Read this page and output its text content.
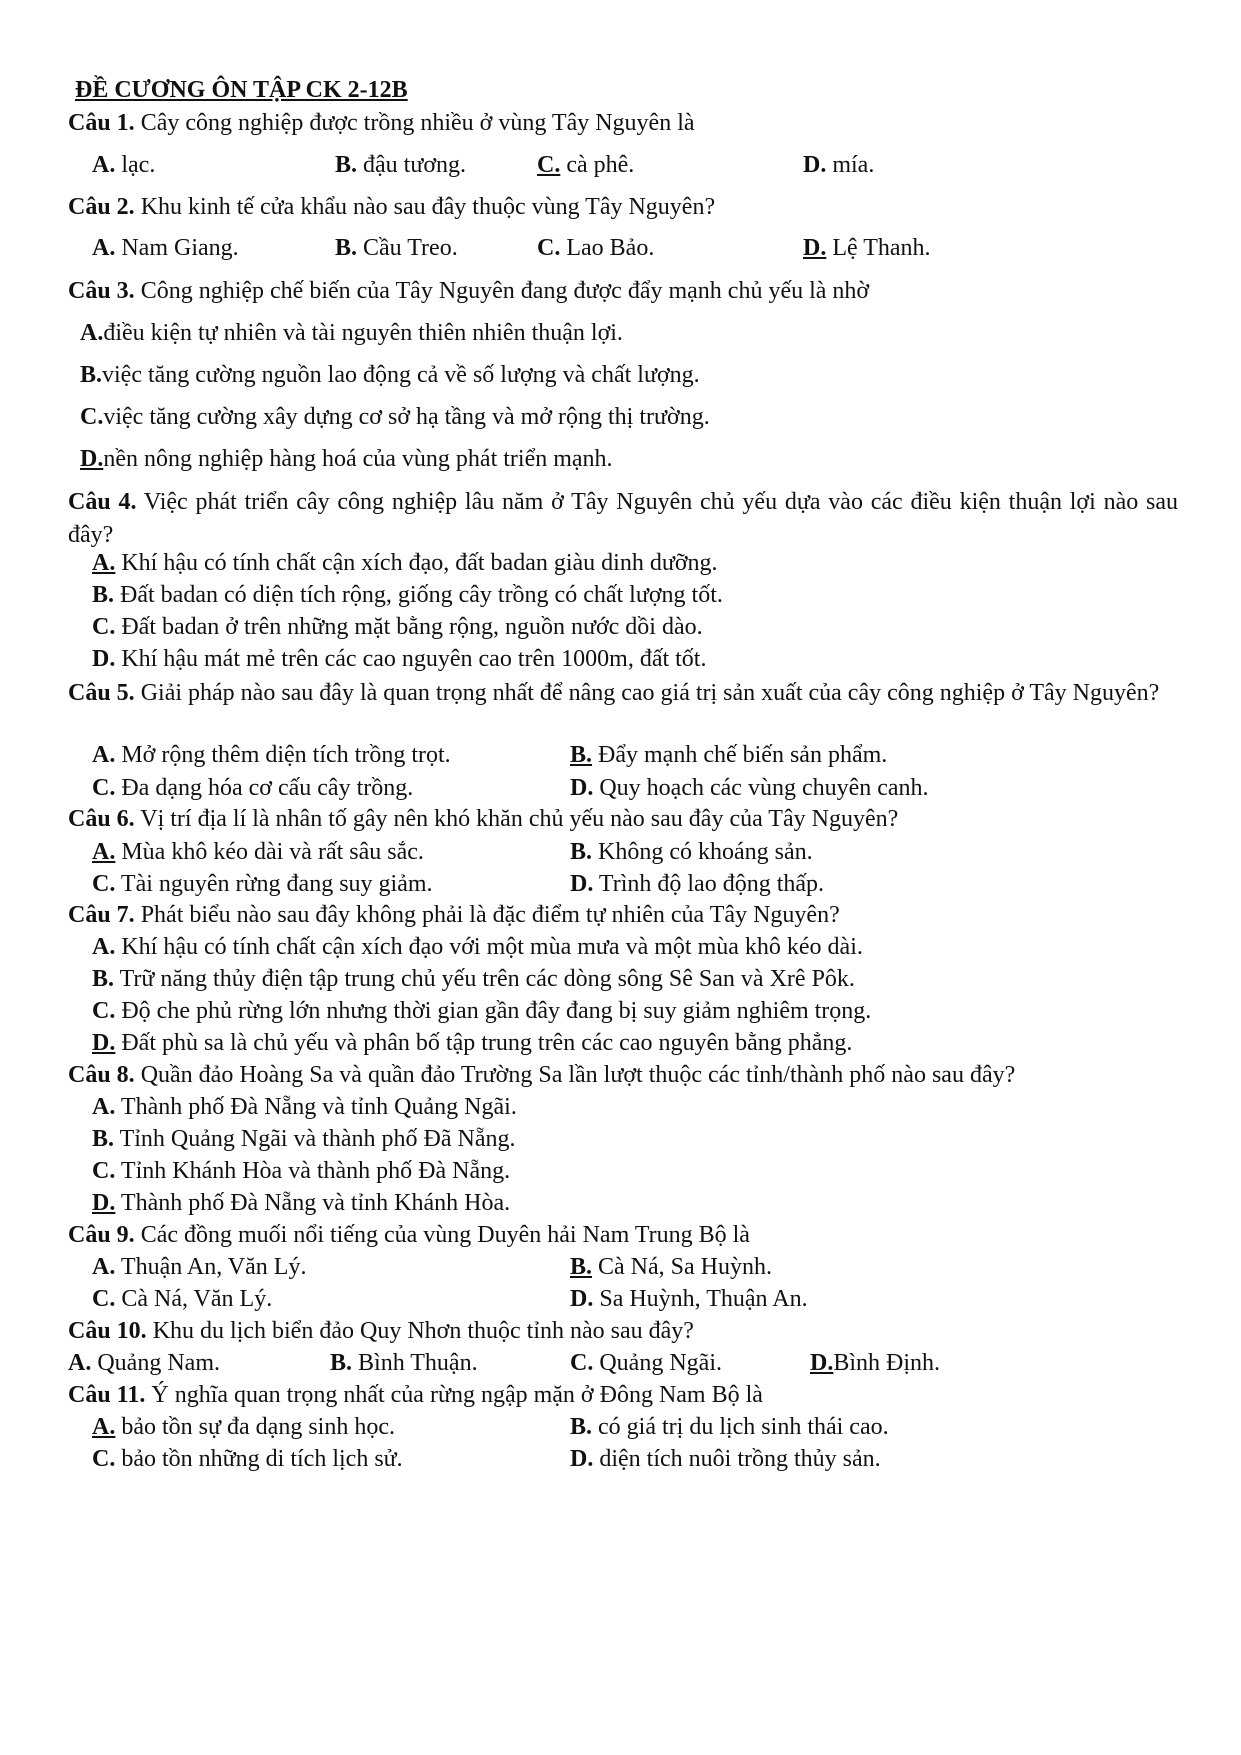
ĐỀ CƯƠNG ÔN TẬP CK 2-12B
Câu 1. Cây công nghiệp được trồng nhiều ở vùng Tây Nguyên là
A. lạc.	B. đậu tương.	C. cà phê.	D. mía.
Câu 2. Khu kinh tế cửa khẩu nào sau đây thuộc vùng Tây Nguyên?
A. Nam Giang.	B. Cầu Treo.	C. Lao Bảo.	D. Lệ Thanh.
Câu 3. Công nghiệp chế biến của Tây Nguyên đang được đẩy mạnh chủ yếu là nhờ
A.điều kiện tự nhiên và tài nguyên thiên nhiên thuận lợi.
B.việc tăng cường nguồn lao động cả về số lượng và chất lượng.
C.việc tăng cường xây dựng cơ sở hạ tầng và mở rộng thị trường.
D.nền nông nghiệp hàng hoá của vùng phát triển mạnh.
Câu 4. Việc phát triển cây công nghiệp lâu năm ở Tây Nguyên chủ yếu dựa vào các điều kiện thuận lợi nào sau đây?
A. Khí hậu có tính chất cận xích đạo, đất badan giàu dinh dưỡng.
B. Đất badan có diện tích rộng, giống cây trồng có chất lượng tốt.
C. Đất badan ở trên những mặt bằng rộng, nguồn nước dồi dào.
D. Khí hậu mát mẻ trên các cao nguyên cao trên 1000m, đất tốt.
Câu 5. Giải pháp nào sau đây là quan trọng nhất để nâng cao giá trị sản xuất của cây công nghiệp ở Tây Nguyên?
A. Mở rộng thêm diện tích trồng trọt.	B. Đẩy mạnh chế biến sản phẩm.
C. Đa dạng hóa cơ cấu cây trồng.	D. Quy hoạch các vùng chuyên canh.
Câu 6. Vị trí địa lí là nhân tố gây nên khó khăn chủ yếu nào sau đây của Tây Nguyên?
A. Mùa khô kéo dài và rất sâu sắc.	B. Không có khoáng sản.
C. Tài nguyên rừng đang suy giảm.	D. Trình độ lao động thấp.
Câu 7. Phát biểu nào sau đây không phải là đặc điểm tự nhiên của Tây Nguyên?
A. Khí hậu có tính chất cận xích đạo với một mùa mưa và một mùa khô kéo dài.
B. Trữ năng thủy điện tập trung chủ yếu trên các dòng sông Sê San và Xrê Pôk.
C. Độ che phủ rừng lớn nhưng thời gian gần đây đang bị suy giảm nghiêm trọng.
D. Đất phù sa là chủ yếu và phân bố tập trung trên các cao nguyên bằng phẳng.
Câu 8. Quần đảo Hoàng Sa và quần đảo Trường Sa lần lượt thuộc các tỉnh/thành phố nào sau đây?
A. Thành phố Đà Nẵng và tỉnh Quảng Ngãi.
B. Tỉnh Quảng Ngãi và thành phố Đã Nẵng.
C. Tỉnh Khánh Hòa và thành phố Đà Nẵng.
D. Thành phố Đà Nẵng và tỉnh Khánh Hòa.
Câu 9. Các đồng muối nổi tiếng của vùng Duyên hải Nam Trung Bộ là
A. Thuận An, Văn Lý.	B. Cà Ná, Sa Huỳnh.
C. Cà Ná, Văn Lý.	D. Sa Huỳnh, Thuận An.
Câu 10. Khu du lịch biển đảo Quy Nhơn thuộc tỉnh nào sau đây?
A. Quảng Nam.	B. Bình Thuận.	C. Quảng Ngãi.	D.Bình Định.
Câu 11. Ý nghĩa quan trọng nhất của rừng ngập mặn ở Đông Nam Bộ là
A. bảo tồn sự đa dạng sinh học.	B. có giá trị du lịch sinh thái cao.
C. bảo tồn những di tích lịch sử.	D. diện tích nuôi trồng thủy sản.
